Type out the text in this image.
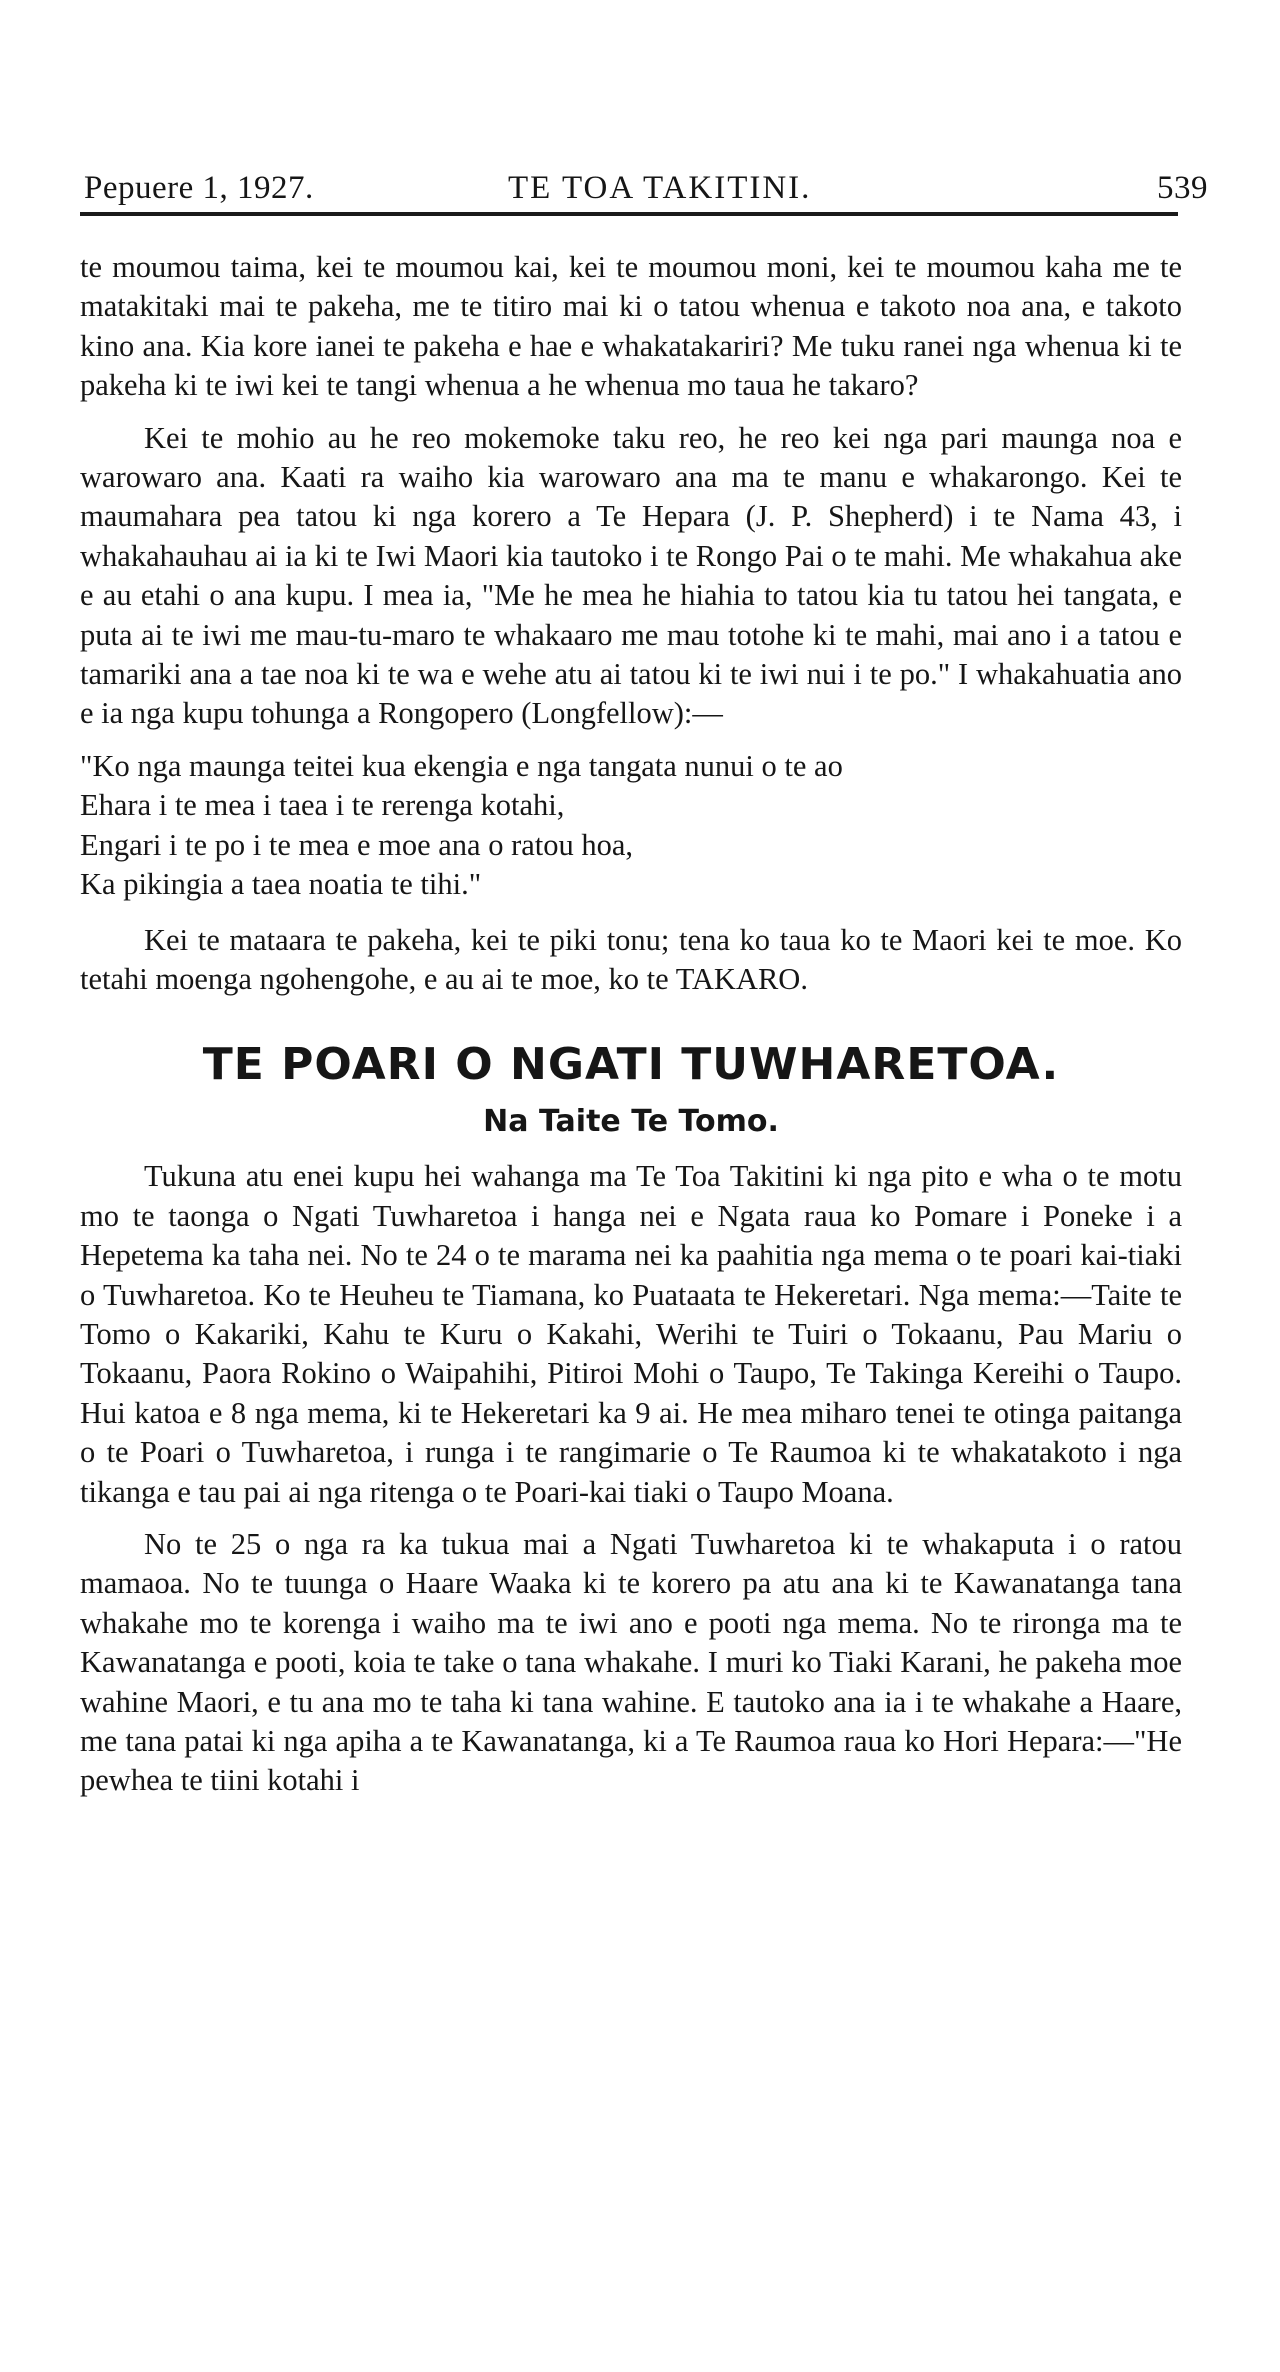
Pepuere 1, 1927.	TE TOA TAKITINI.	539

te moumou taima, kei te moumou kai, kei te moumou moni, kei te moumou kaha me te matakitaki mai te pakeha, me te titiro mai ki o tatou whenua e takoto noa ana, e takoto kino ana. Kia kore ianei te pakeha e hae e whakatakariri? Me tuku ranei nga whenua ki te pakeha ki te iwi kei te tangi whenua a he whenua mo taua he takaro?

Kei te mohio au he reo mokemoke taku reo, he reo kei nga pari maunga noa e warowaro ana. Kaati ra waiho kia warowaro ana ma te manu e whakarongo. Kei te maumahara pea tatou ki nga korero a Te Hepara (J. P. Shepherd) i te Nama 43, i whakahauhau ai ia ki te Iwi Maori kia tautoko i te Rongo Pai o te mahi. Me whakahua ake e au etahi o ana kupu. I mea ia, "Me he mea he hiahia to tatou kia tu tatou hei tangata, e puta ai te iwi me mau-tu-maro te whakaaro me mau totohe ki te mahi, mai ano i a tatou e tamariki ana a tae noa ki te wa e wehe atu ai tatou ki te iwi nui i te po." I whakahuatia ano e ia nga kupu tohunga a Rongopero (Longfellow):—

"Ko nga maunga teitei kua ekengia e nga tangata nunui o te ao
Ehara i te mea i taea i te rerenga kotahi,
Engari i te po i te mea e moe ana o ratou hoa,
Ka pikingia a taea noatia te tihi."

Kei te mataara te pakeha, kei te piki tonu; tena ko taua ko te Maori kei te moe. Ko tetahi moenga ngohengohe, e au ai te moe, ko te TAKARO.

TE POARI O NGATI TUWHARETOA.
Na Taite Te Tomo.

Tukuna atu enei kupu hei wahanga ma Te Toa Takitini ki nga pito e wha o te motu mo te taonga o Ngati Tuwharetoa i hanga nei e Ngata raua ko Pomare i Poneke i a Hepetema ka taha nei. No te 24 o te marama nei ka paahitia nga mema o te poari kai-tiaki o Tuwharetoa. Ko te Heuheu te Tiamana, ko Puataata te Hekeretari. Nga mema:—Taite te Tomo o Kakariki, Kahu te Kuru o Kakahi, Werihi te Tuiri o Tokaanu, Pau Mariu o Tokaanu, Paora Rokino o Waipahihi, Pitiroi Mohi o Taupo, Te Takinga Kereihi o Taupo. Hui katoa e 8 nga mema, ki te Hekeretari ka 9 ai. He mea miharo tenei te otinga paitanga o te Poari o Tuwharetoa, i runga i te rangimarie o Te Raumoa ki te whakatakoto i nga tikanga e tau pai ai nga ritenga o te Poari-kai tiaki o Taupo Moana.

No te 25 o nga ra ka tukua mai a Ngati Tuwharetoa ki te whakaputa i o ratou mamaoa. No te tuunga o Haare Waaka ki te korero pa atu ana ki te Kawanatanga tana whakahe mo te korenga i waiho ma te iwi ano e pooti nga mema. No te rironga ma te Kawanatanga e pooti, koia te take o tana whakahe. I muri ko Tiaki Karani, he pakeha moe wahine Maori, e tu ana mo te taha ki tana wahine. E tautoko ana ia i te whakahe a Haare, me tana patai ki nga apiha a te Kawanatanga, ki a Te Raumoa raua ko Hori Hepara:—"He pewhea te tiini kotahi i
